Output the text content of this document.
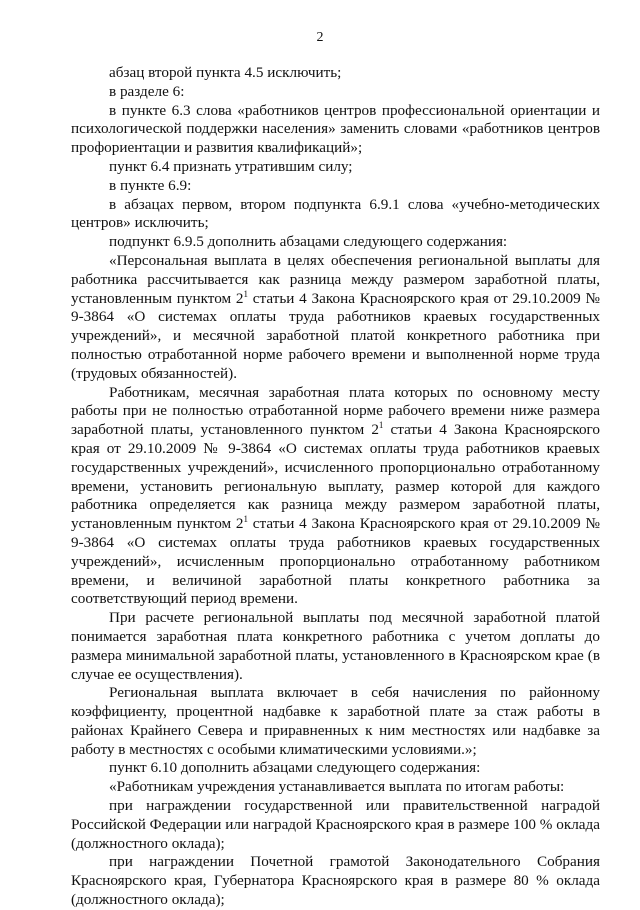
2

абзац второй пункта 4.5 исключить;

в разделе 6:

в пункте 6.3 слова «работников центров профессиональной ориентации и психологической поддержки населения» заменить словами «работников центров профориентации и развития квалификаций»;

пункт 6.4 признать утратившим силу;

в пункте 6.9:

в абзацах первом, втором подпункта 6.9.1 слова «учебно-методических центров» исключить;

подпункт 6.9.5 дополнить абзацами следующего содержания:

«Персональная выплата в целях обеспечения региональной выплаты для работника рассчитывается как разница между размером заработной платы, установленным пунктом $2^1$ статьи 4 Закона Красноярского края от 29.10.2009 № 9-3864 «О системах оплаты труда работников краевых государственных учреждений», и месячной заработной платой конкретного работника при полностью отработанной норме рабочего времени и выполненной норме труда (трудовых обязанностей).

Работникам, месячная заработная плата которых по основному месту работы при не полностью отработанной норме рабочего времени ниже размера заработной платы, установленного пунктом $2^1$ статьи 4 Закона Красноярского края от 29.10.2009 № 9-3864 «О системах оплаты труда работников краевых государственных учреждений», исчисленного пропорционально отработанному времени, установить региональную выплату, размер которой для каждого работника определяется как разница между размером заработной платы, установленным пунктом $2^1$ статьи 4 Закона Красноярского края от 29.10.2009 № 9-3864 «О системах оплаты труда работников краевых государственных учреждений», исчисленным пропорционально отработанному работником времени, и величиной заработной платы конкретного работника за соответствующий период времени.

При расчете региональной выплаты под месячной заработной платой понимается заработная плата конкретного работника с учетом доплаты до размера минимальной заработной платы, установленного в Красноярском крае (в случае ее осуществления).

Региональная выплата включает в себя начисления по районному коэффициенту, процентной надбавке к заработной плате за стаж работы в районах Крайнего Севера и приравненных к ним местностях или надбавке за работу в местностях с особыми климатическими условиями.»;

пункт 6.10 дополнить абзацами следующего содержания:

«Работникам учреждения устанавливается выплата по итогам работы:

при награждении государственной или правительственной наградой Российской Федерации или наградой Красноярского края в размере 100 % оклада (должностного оклада);

при награждении Почетной грамотой Законодательного Собрания Красноярского края, Губернатора Красноярского края в размере 80 % оклада (должностного оклада);
